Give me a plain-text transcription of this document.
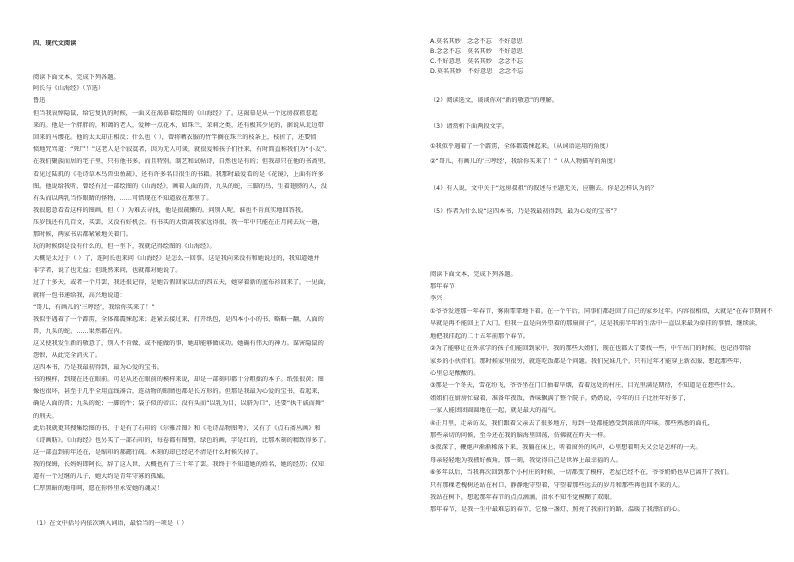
四、现代文阅读
阅读下面文本，完成下列各题。
阿长与《山海经》（节选）
鲁迅
但当我哀悼隐鼠，给它复仇的时候，一面又在渴慕着绘图的《山海经》了。这渴慕是从一个远房叔祖惹起
来的。他是一个胖胖的，和蔼的老人，爱种一点花木，如珠兰，茉莉之类，还有极其少见的，据说从北边带
回来的马缨花。他的太太却正相反；什么也（ ），曾将晒衣服的竹竿搁在珠兰的枝条上，枝折了，还要愤
愤地咒骂道：“死尸！”这老人是个寂寞者，因为无人可谈，就很爱和孩子们往来，有时简直称我们为“小友”。
在我们聚族而居的宅子里，只有他书多，而且特别。制艺和试帖诗，自然也是有的；但我却只在他的书斋里，
看见过陆玑的《毛诗草木鸟兽虫鱼疏》，还有许多名目很生的书籍。我那时最爱看的是《花镜》，上面有许多
图。他说给我听，曾经有过一部绘图的《山海经》，画着人面的兽，九头的蛇，三脚的鸟，生着翅膀的人，没
有头而以两乳当作眼睛的怪物，……可惜现在不知道放在那里了。
我很愿意看看这样的图画，但（ ）为难去寻找，他是很疏懒的。问别人呢，谁也不肯真实地回答我。
压岁钱还有几百文，买罢，又没有好机会。有书买的大街离我家远得很，我一年中只能在正月间去玩一趟，
那时候，两家书店都紧紧地关着门。
玩的时候倒是没有什么的，但一坐下，我就记得绘图的《山海经》。
大概是太过于（ ）了，连阿长也来问《山海经》是怎么一回事。这是我向来没有和她说过的，我知道她并
非学者，说了也无益；但既然来问，也就都对她说了。
过了十多天，或者一个月罢，我还很记得，是她告假回家以后的四五天，她穿着新的蓝布衫回来了，一见面，
就将一包书递给我，高兴地说道：
“哥儿，有画儿的‘三哼经’，我给你买来了！”
我似乎遇着了一个霹雳，全体都震悚起来；赶紧去接过来，打开纸包，是四本小小的书，略略一翻，人面的
兽，九头的蛇，……果然都在内。
这又使我发生新的敬意了，别人不肯做，或不能做的事，她却能够做成功。她确有伟大的神力。谋害隐鼠的
怨恨，从此完全消灭了。
这四本书，乃是我最初得到，最为心爱的宝书。
书的模样，到现在还在眼前。可是从还在眼前的模样来说，却是一部刻印都十分粗拙的本子。纸张很黄；图
像也很坏，甚至于几乎全用直线凑合，连动物的眼睛也都是长方形的。但那是我最为心爱的宝书，看起来，
确是人面的兽；九头的蛇；一脚的牛；袋子似的帝江；没有头而“以乳为目，以脐为口”，还要“执干戚而舞”
的刑天。
此后我就更其搜集绘图的书，于是有了石印的《尔雅音图》和《毛诗品物图考》，又有了《点石斋丛画》和
《诗画舫》。《山海经》也另买了一部石印的，每卷都有图赞，绿色的画，字是红的，比那木刻的精致得多了。
这一部直到前年还在，是缩印的郝懿行疏。木刻的却已经记不清是什么时候失掉了。
我的保姆，长妈妈即阿长，辞了这人世，大概也有了三十年了罢。我终于不知道她的姓名，她的经历；仅知
道有一个过继的儿子，她大约是青年守寡的孤孀。
仁厚黑暗的地母呵，愿在你怀里永安她的魂灵！
（1）在文中括号内依次填入词语，最恰当的一项是（ ）
A.莫名其妙　念念不忘　不好意思
B.念念不忘　莫名其妙　不好意思
C.不好意思　莫名其妙　念念不忘
D.莫名其妙　不好意思　念念不忘
（2）阅读选文，谈谈你对“新的敬意”的理解。
（3）请赏析下面两段文字。
①我似乎遇着了一个霹雳，全体都震悚起来。（从词语运用的角度）
②“哥儿，有画儿的‘三哼经’，我给你买来了！”（从人物描写的角度）
（4）有人说，文中关于“远房叔祖”的叙述与主题无关，应删去。你是怎样认为的？
（5）作者为什么说“这四本书，乃是我最初得到，最为心爱的宝书”？
阅读下面文本，完成下列各题。
那年春节
李兴
①爷爷发迹那一年春节，雾雨霏霏地下着。在一个午后，同事们都赶回了自己的家乡过年。内容很相似，大就是“在春节期间不
早就是再不能回上了大门，但我一直是向外望着的那扇窗子”，这是我前半年的生活中一直以来最为牵挂的事情，继续读，
地把我挂起的二十五年前那个春节。
②为了能够让在外求学的孩子们能回到家中，我的那些大姐们，现在也都大了要找一些，中午出门的时候，也记得带给
家乡的小伙伴们。那时候家里很穷，就连吃饭都是个问题。我们兄妹几个，只有过年才能穿上新衣服，想起那些年，
心里总是酸酸的。
③那是一个冬天，雪花纷飞，爷爷坐在门口抽着旱烟，看着远处的村庄，目光里满是期待，不知道是在想些什么。
姐姐们在厨房忙碌着，准备年夜饭，香味飘满了整个院子。奶奶说，今年的日子比往年好多了，
一家人能团团圆圆地在一起，就是最大的福气。
④正月里，走亲访友，我们跟着父亲去了很多地方，每到一处都能感受到浓浓的年味。那些熟悉的面孔，
那些亲切的问候，至今还在我的脑海里回荡，仿佛就在昨天一样。
⑤夜深了，鞭炮声渐渐稀落下来，我躺在床上，听着窗外的风声，心里想着明天又会是怎样的一天。
母亲轻轻地为我掖好被角，那一刻，我觉得自己是世界上最幸福的人。
⑥多年以后，当我再次回到那个小村庄的时候，一切都变了模样，老屋已经不在，爷爷奶奶也早已离开了我们。
只有那棵老槐树还站在村口，静静地守望着，守望着那些远去的岁月和那些再也回不来的人。
我站在树下，想起那年春节的点点滴滴，泪水不知不觉模糊了双眼。
那年春节，是我一生中最难忘的春节，它像一盏灯，照亮了我前行的路，温暖了我漂泊的心。
